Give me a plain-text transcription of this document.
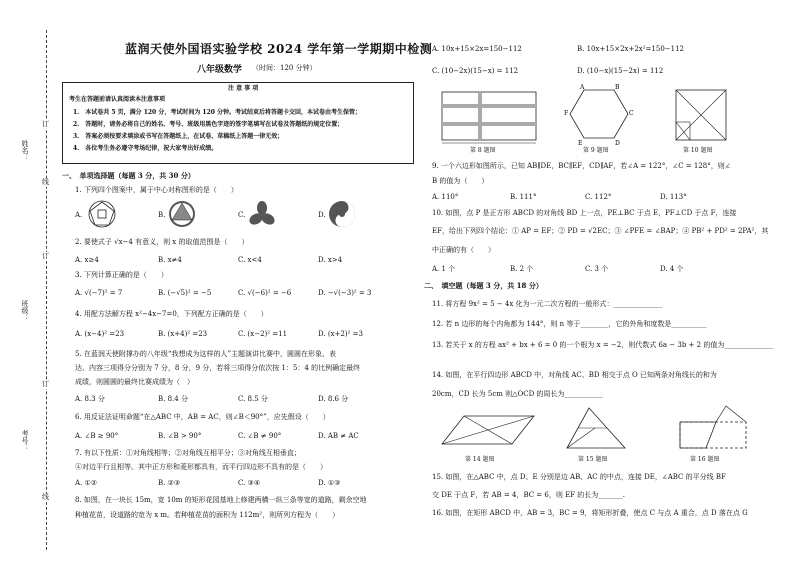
姓名：
班级：
考号：
订
线
订
订
线
蓝润天使外国语实验学校 2024 学年第一学期期中检测
八年级数学 （时间：120 分钟）
注 意 事 项
考生在答题前请认真阅读本注意事项
1.　本试卷共 5 页，满分 120 分，考试时间为 120 分钟。考试结束后将答题卡交回，本试卷由考生保管；
2.　答题时，请务必将自己的姓名、考号、班级用黑色字迹的签字笔填写在试卷及答题纸的规定位置；
3.　答案必须按要求填涂或书写在答题纸上，在试卷、草稿纸上答题一律无效；
4.　各位考生务必遵守考场纪律，祝大家考出好成绩。
一、　单项选择题（每题 3 分，共 30 分）
1. 下列四个图案中，属于中心对称图形的是（　　）
A.	B.	C.	D.
2. 要使式子 √x−4 有意义，则 x 的取值范围是（　　）
A. x≥4	B. x≠4	C. x<4	D. x>4
3. 下列计算正确的是（　　）
A. √(−7)² = 7	B. (−√5)² = −5	C. √(−6)² = −6	D. −√(−3)² = 3
4. 用配方法解方程 x²−4x−7=0，下列配方正确的是（　　）
A. (x−4)² =23	B. (x+4)² =23	C. (x−2)² =11	D. (x+2)² =3
5. 在蓝润天使附撑办的八年级“我想成为这样的人”主题演讲比赛中，圆圆在形象、表
达、内容三项得分分别为 7 分，8 分，9 分，若将三项得分依次按 1：5：4 的比例确定最终
成绩，则圆圆的最终比赛成绩为（　）
A. 8.3 分	B. 8.4 分	C. 8.5 分	D. 8.6 分
6. 用反证法证明命题“在△ABC 中，AB = AC，则∠B＜90°”，应先假设（　　）
A. ∠B ≥ 90°	B. ∠B > 90°	C. ∠B ≠ 90°	D. AB ≠ AC
7. 有以下性质：①对角线相等；②对角线互相平分；③对角线互相垂直；
④对边平行且相等。其中正方形和菱形都具有，而平行四边形不具有的是（　　）
A. ①②	B. ②③	C. ③④	D. ①③
8. 如图，在一块长 15m，宽 10m 的矩形花园基地上修建两横一纵三条等宽的道路，剩余空地
种植花苗，设道路的宽为 x m。若种植花苗的面积为 112m²，则所列方程为（　　）
A. 10x+15×2x=150−112	B. 10x+15×2x+2x²=150−112
C. (10−2x)(15−x) = 112	D. (10−x)(15−2x) = 112
第 8 题图
A	B
C
D
E
F
第 9 题图	第 10 题图
9. 一个六边形如图所示，已知 AB∥DE，BC∥EF，CD∥AF，若∠A = 122°，∠C = 128°，则∠
B 的值为（　　）
A. 110°	B. 111°	C. 112°	D. 113°
10. 如图，点 P 是正方形 ABCD 的对角线 BD 上一点，PE⊥BC 于点 E，PF⊥CD 于点 F，连接
EF，给出下列四个结论：① AP = EF；② PD = √2EC；③ ∠PFE = ∠BAP；④ PB² + PD² = 2PA²，其
中正确的有（　　）
A. 1 个	B. 2 个	C. 3 个	D. 4 个
二、　填空题（每题 3 分，共 18 分）
11. 将方程 9x² = 5 − 4x 化为一元二次方程的一般形式：______________
12. 若 n 边形的每个内角都为 144°，则 n 等于________，它的外角和度数是__________
13. 若关于 x 的方程 ax² + bx + 6 = 0 的一个根为 x = −2，则代数式 6a − 3b + 2 的值为______________
14. 如图，在平行四边形 ABCD 中，对角线 AC、BD 相交于点 O 已知两条对角线长的和为
20cm，CD 长为 5cm 则△OCD 的周长为___________
第 14 题图	第 15 题图	第 16 题图
15. 如图，在△ABC 中，点 D、E 分别是边 AB、AC 的中点，连接 DE，∠ABC 的平分线 BF
交 DE 于点 F，若 AB = 4，BC = 6，则 EF 的长为_______.
16. 如图，在矩形 ABCD 中，AB = 3，BC = 9，将矩形折叠，使点 C 与点 A 重合，点 D 落在点 G
